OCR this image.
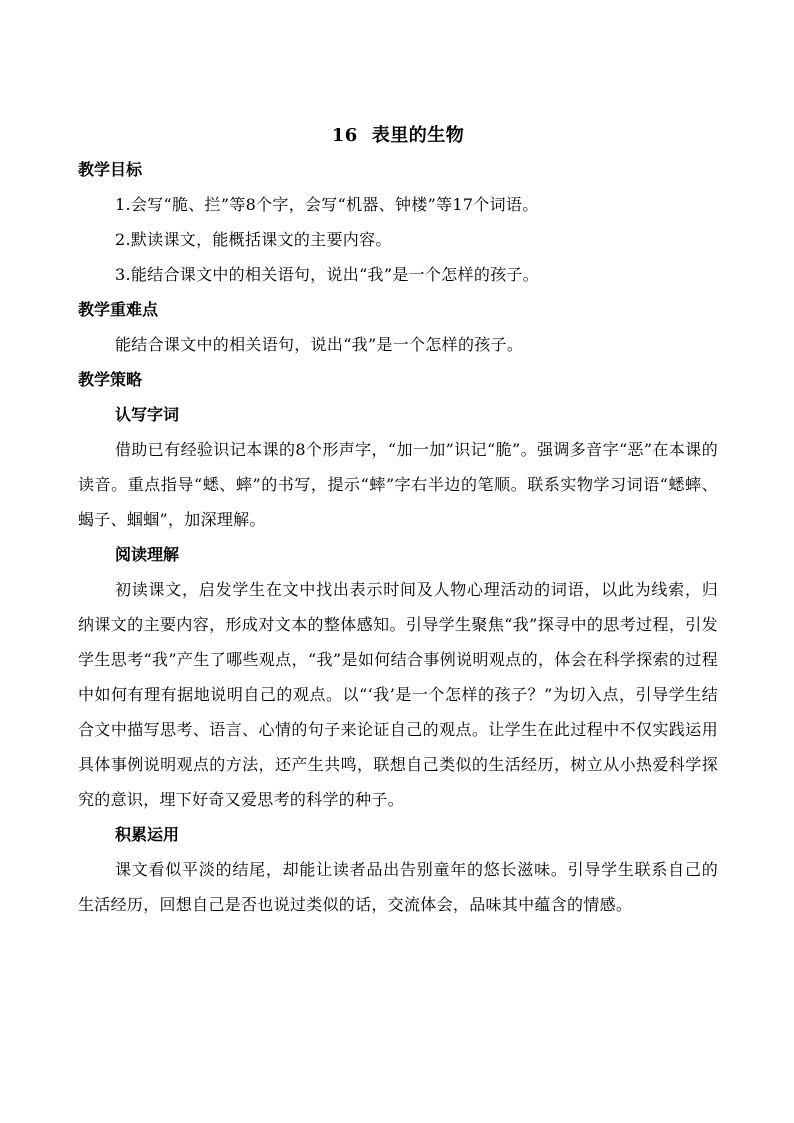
16 表里的生物
教学目标

1.会写“脆、拦”等8个字，会写“机器、钟楼”等17个词语。

2.默读课文，能概括课文的主要内容。

3.能结合课文中的相关语句，说出“我”是一个怎样的孩子。

教学重难点

能结合课文中的相关语句，说出“我”是一个怎样的孩子。

教学策略
认写字词

借助已有经验识记本课的8个形声字，“加一加”识记“脆”。强调多音字“恶”在本课的读音。重点指导“蟋、蟀”的书写，提示“蟀”字右半边的笔顺。联系实物学习词语“蟋蟀、蝎子、蝈蝈”，加深理解。

阅读理解

初读课文，启发学生在文中找出表示时间及人物心理活动的词语，以此为线索，归纳课文的主要内容，形成对文本的整体感知。引导学生聚焦“我”探寻中的思考过程，引发学生思考“我”产生了哪些观点，“我”是如何结合事例说明观点的，体会在科学探索的过程中如何有理有据地说明自己的观点。以“‘我’是一个怎样的孩子？”为切入点，引导学生结合文中描写思考、语言、心情的句子来论证自己的观点。让学生在此过程中不仅实践运用具体事例说明观点的方法，还产生共鸣，联想自己类似的生活经历，树立从小热爱科学探究的意识，埋下好奇又爱思考的科学的种子。

积累运用

课文看似平淡的结尾，却能让读者品出告别童年的悠长滋味。引导学生联系自己的生活经历，回想自己是否也说过类似的话，交流体会，品味其中蕴含的情感。
